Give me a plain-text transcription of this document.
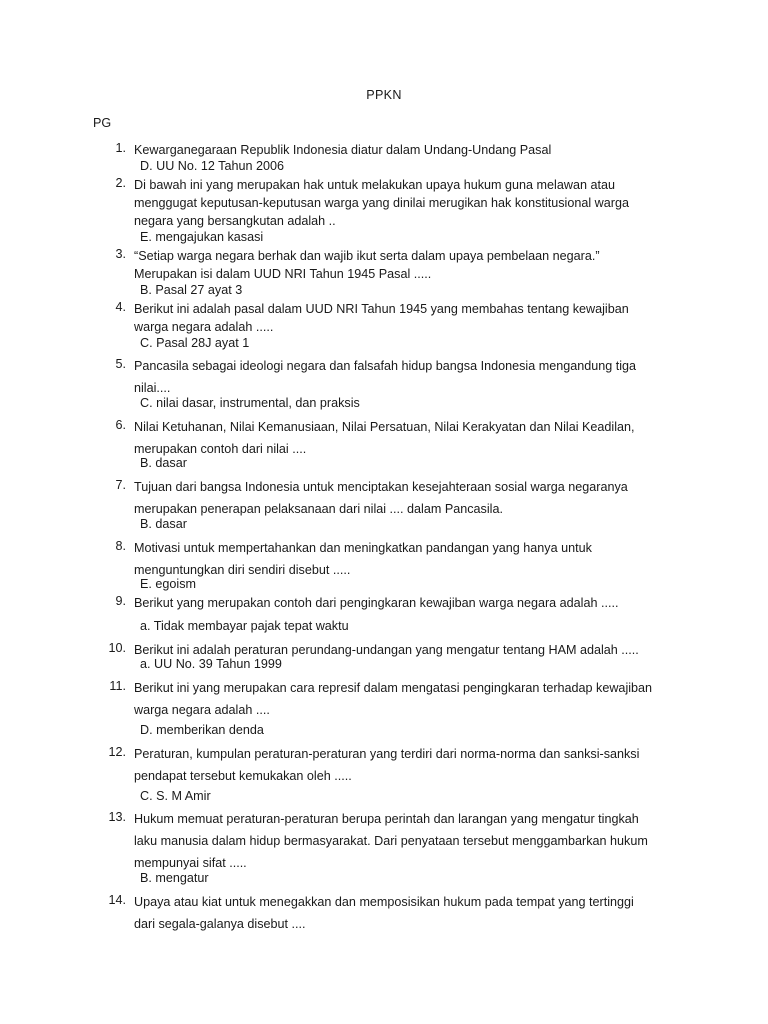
PPKN
PG
1. Kewarganegaraan Republik Indonesia diatur dalam Undang-Undang Pasal
D. UU No. 12 Tahun 2006
2. Di bawah ini yang merupakan hak untuk melakukan upaya hukum guna melawan atau
menggugat keputusan-keputusan warga yang dinilai merugikan hak konstitusional warga
negara yang bersangkutan adalah ..
E. mengajukan kasasi
3. “Setiap warga negara berhak dan wajib ikut serta dalam upaya pembelaan negara.”
Merupakan isi dalam UUD NRI Tahun 1945 Pasal .....
B. Pasal 27 ayat 3
4. Berikut ini adalah pasal dalam UUD NRI Tahun 1945 yang membahas tentang kewajiban
warga negara adalah .....
C. Pasal 28J ayat 1
5. Pancasila sebagai ideologi negara dan falsafah hidup bangsa Indonesia mengandung tiga
nilai....
C. nilai dasar, instrumental, dan praksis
6. Nilai Ketuhanan, Nilai Kemanusiaan, Nilai Persatuan, Nilai Kerakyatan dan Nilai Keadilan,
merupakan contoh dari nilai ....
B. dasar
7. Tujuan dari bangsa Indonesia untuk menciptakan kesejahteraan sosial warga negaranya
merupakan penerapan pelaksanaan dari nilai .... dalam Pancasila.
B. dasar
8. Motivasi untuk mempertahankan dan meningkatkan pandangan yang hanya untuk
menguntungkan diri sendiri disebut .....
E. egoism
9. Berikut yang merupakan contoh dari pengingkaran kewajiban warga negara adalah .....
a. Tidak membayar pajak tepat waktu
10. Berikut ini adalah peraturan perundang-undangan yang mengatur tentang HAM adalah .....
a. UU No. 39 Tahun 1999
11. Berikut ini yang merupakan cara represif dalam mengatasi pengingkaran terhadap kewajiban
warga negara adalah ....
D. memberikan denda
12. Peraturan, kumpulan peraturan-peraturan yang terdiri dari norma-norma dan sanksi-sanksi
pendapat tersebut kemukakan oleh .....
C. S. M Amir
13. Hukum memuat peraturan-peraturan berupa perintah dan larangan yang mengatur tingkah
laku manusia dalam hidup bermasyarakat. Dari penyataan tersebut menggambarkan hukum
mempunyai sifat .....
B. mengatur
14. Upaya atau kiat untuk menegakkan dan memposisikan hukum pada tempat yang tertinggi
dari segala-galanya disebut ....
